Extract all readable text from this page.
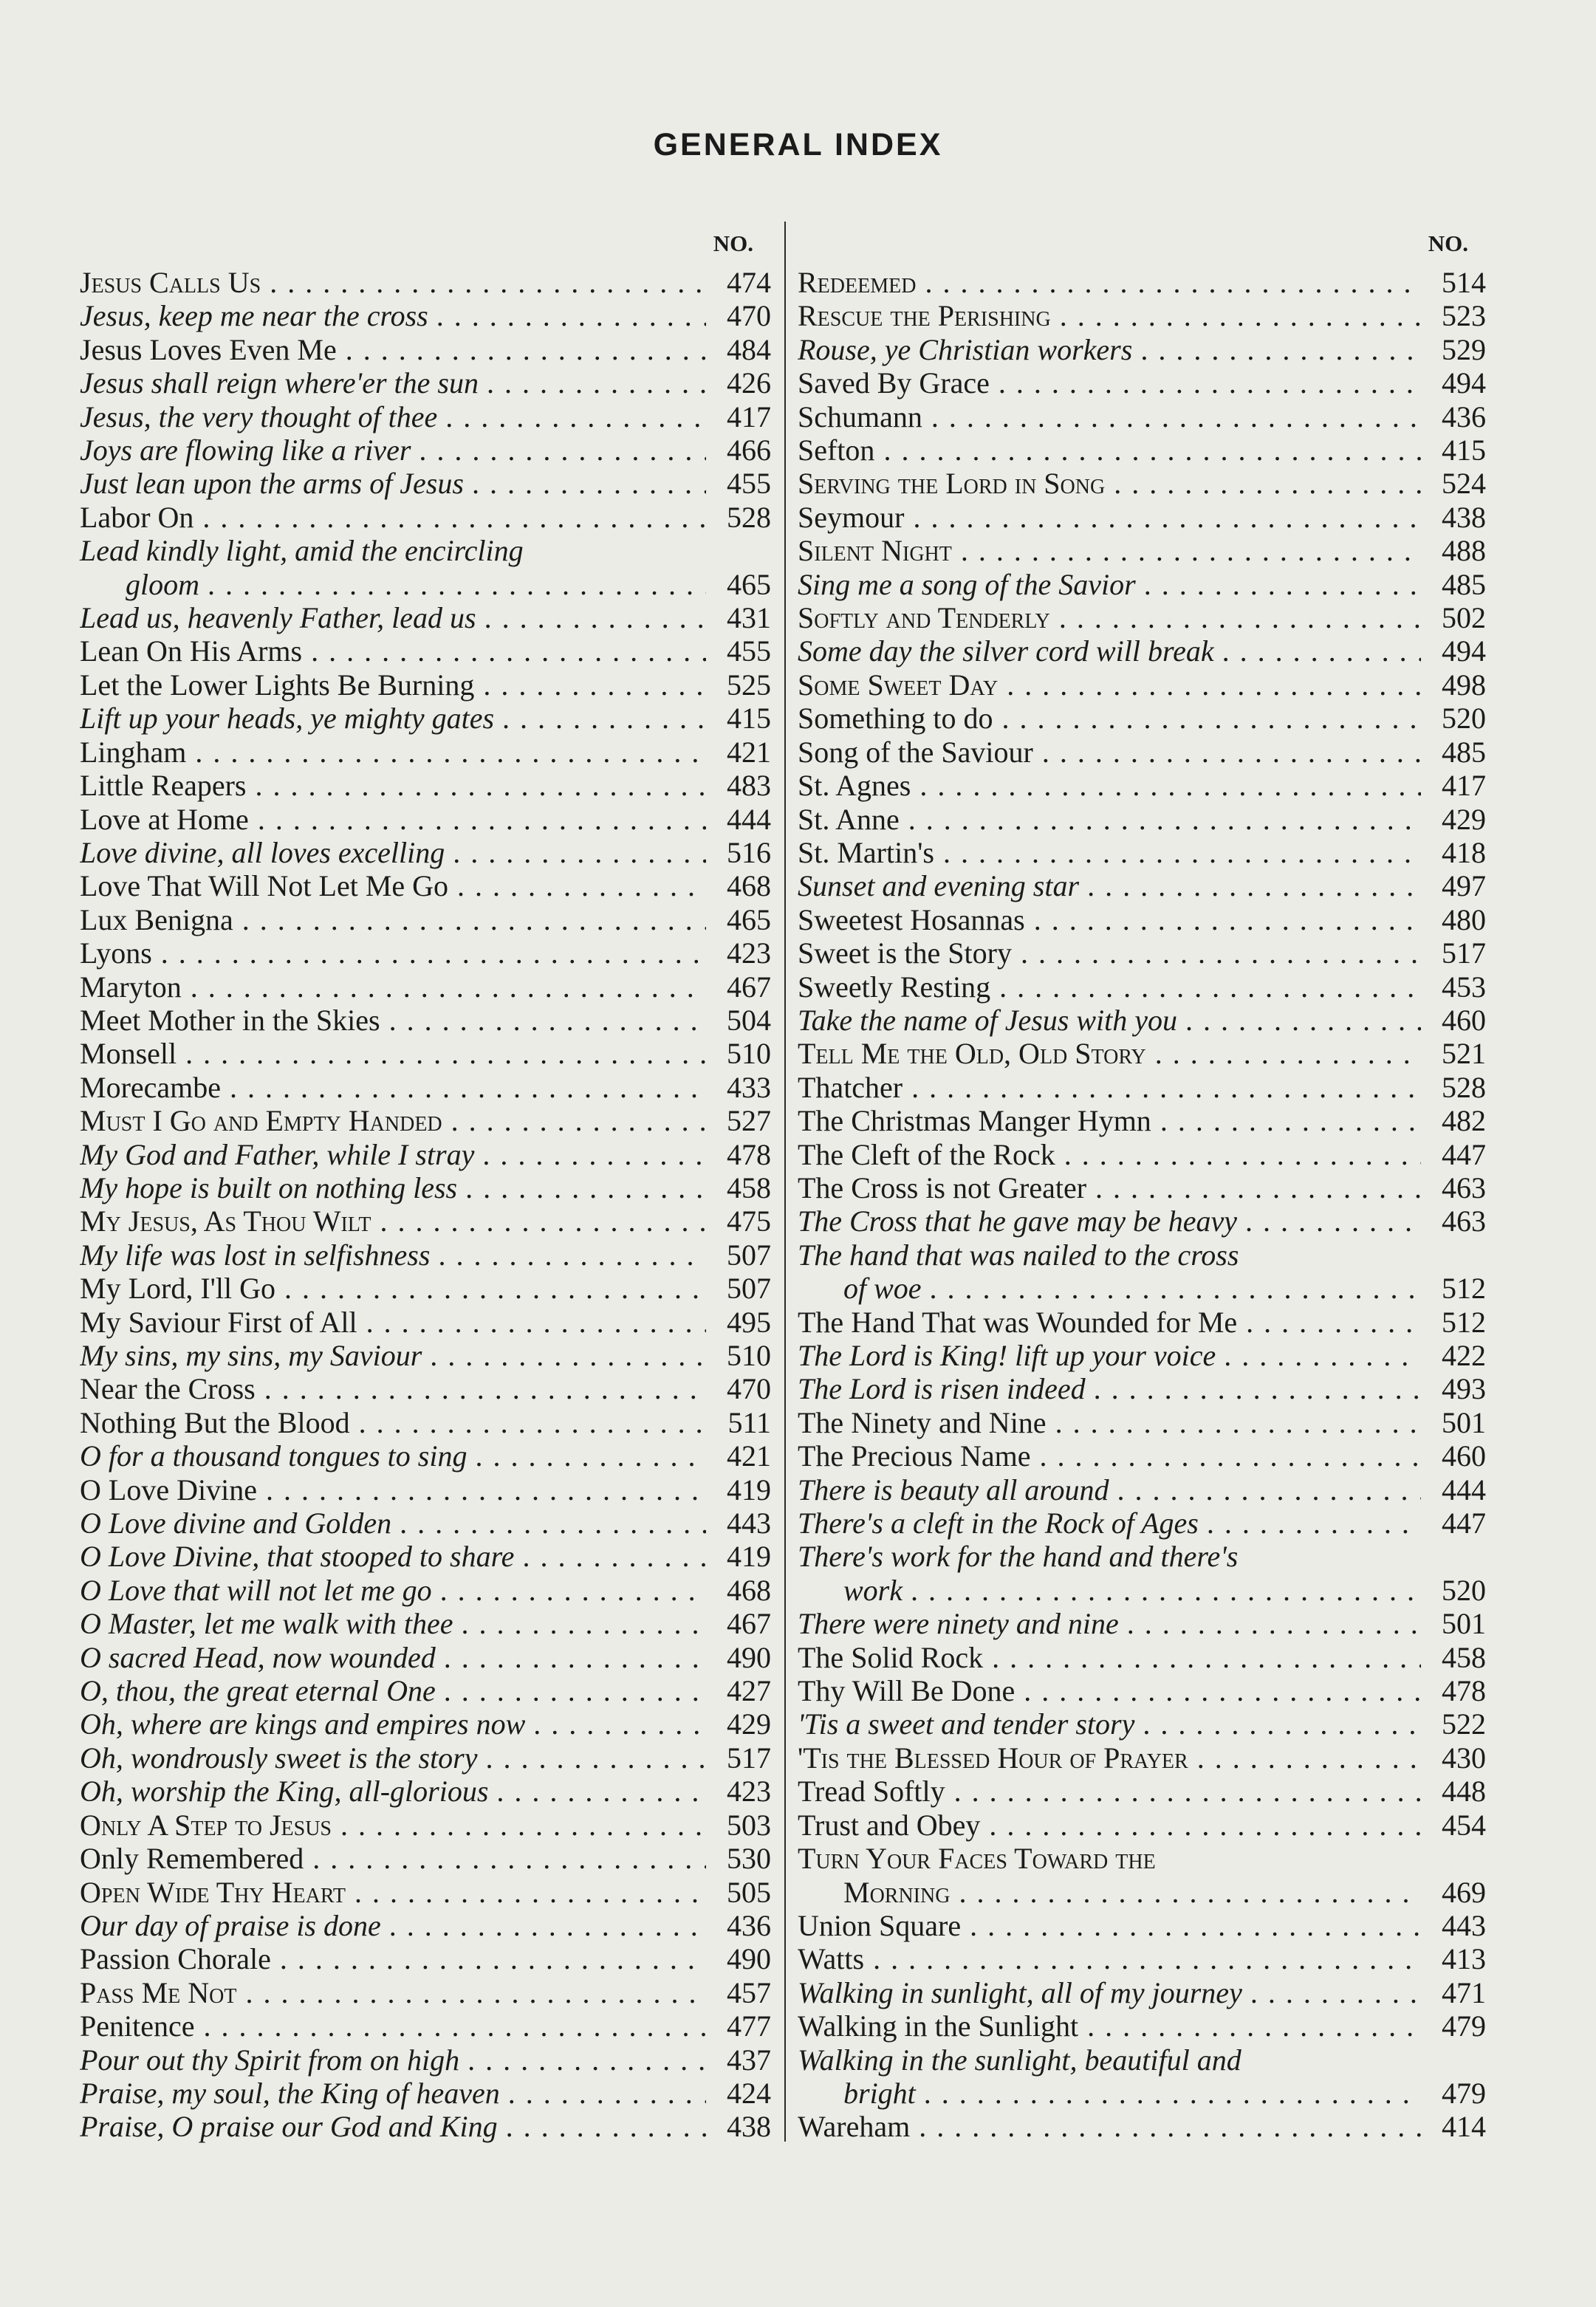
GENERAL INDEX
NO.
Jesus Calls Us . . .	474
Jesus, keep me near the cross . . .	470
Jesus Loves Even Me . . .	484
Jesus shall reign where'er the sun . . .	426
Jesus, the very thought of thee . . .	417
Joys are flowing like a river . . .	466
Just lean upon the arms of Jesus . . .	455
Labor On . . .	528
Lead kindly light, amid the encircling
gloom . . .	465
Lead us, heavenly Father, lead us . . .	431
Lean On His Arms . . .	455
Let the Lower Lights Be Burning . . .	525
Lift up your heads, ye mighty gates . . .	415
Lingham . . .	421
Little Reapers . . .	483
Love at Home . . .	444
Love divine, all loves excelling . . .	516
Love That Will Not Let Me Go . . .	468
Lux Benigna . . .	465
Lyons . . .	423
Maryton . . .	467
Meet Mother in the Skies . . .	504
Monsell . . .	510
Morecambe . . .	433
Must I Go and Empty Handed . . .	527
My God and Father, while I stray . . .	478
My hope is built on nothing less . . .	458
My Jesus, As Thou Wilt . . .	475
My life was lost in selfishness . . .	507
My Lord, I'll Go . . .	507
My Saviour First of All . . .	495
My sins, my sins, my Saviour . . .	510
Near the Cross . . .	470
Nothing But the Blood . . .	511
O for a thousand tongues to sing . . .	421
O Love Divine . . .	419
O Love divine and Golden . . .	443
O Love Divine, that stooped to share . . .	419
O Love that will not let me go . . .	468
O Master, let me walk with thee . . .	467
O sacred Head, now wounded . . .	490
O, thou, the great eternal One . . .	427
Oh, where are kings and empires now . . .	429
Oh, wondrously sweet is the story . . .	517
Oh, worship the King, all-glorious . . .	423
Only A Step to Jesus . . .	503
Only Remembered . . .	530
Open Wide Thy Heart . . .	505
Our day of praise is done . . .	436
Passion Chorale . . .	490
Pass Me Not . . .	457
Penitence . . .	477
Pour out thy Spirit from on high . . .	437
Praise, my soul, the King of heaven . . .	424
Praise, O praise our God and King . . .	438
NO.
Redeemed . . .	514
Rescue the Perishing . . .	523
Rouse, ye Christian workers . . .	529
Saved By Grace . . .	494
Schumann . . .	436
Sefton . . .	415
Serving the Lord in Song . . .	524
Seymour . . .	438
Silent Night . . .	488
Sing me a song of the Savior . . .	485
Softly and Tenderly . . .	502
Some day the silver cord will break . . .	494
Some Sweet Day . . .	498
Something to do . . .	520
Song of the Saviour . . .	485
St. Agnes . . .	417
St. Anne . . .	429
St. Martin's . . .	418
Sunset and evening star . . .	497
Sweetest Hosannas . . .	480
Sweet is the Story . . .	517
Sweetly Resting . . .	453
Take the name of Jesus with you . . .	460
Tell Me the Old, Old Story . . .	521
Thatcher . . .	528
The Christmas Manger Hymn . . .	482
The Cleft of the Rock . . .	447
The Cross is not Greater . . .	463
The Cross that he gave may be heavy . . .	463
The hand that was nailed to the cross
of woe . . .	512
The Hand That was Wounded for Me . . .	512
The Lord is King! lift up your voice . . .	422
The Lord is risen indeed . . .	493
The Ninety and Nine . . .	501
The Precious Name . . .	460
There is beauty all around . . .	444
There's a cleft in the Rock of Ages . . .	447
There's work for the hand and there's
work . . .	520
There were ninety and nine . . .	501
The Solid Rock . . .	458
Thy Will Be Done . . .	478
'Tis a sweet and tender story . . .	522
'Tis the Blessed Hour of Prayer . . .	430
Tread Softly . . .	448
Trust and Obey . . .	454
Turn Your Faces Toward the
Morning . . .	469
Union Square . . .	443
Watts . . .	413
Walking in sunlight, all of my journey . . .	471
Walking in the Sunlight . . .	479
Walking in the sunlight, beautiful and
bright . . .	479
Wareham . . .	414
